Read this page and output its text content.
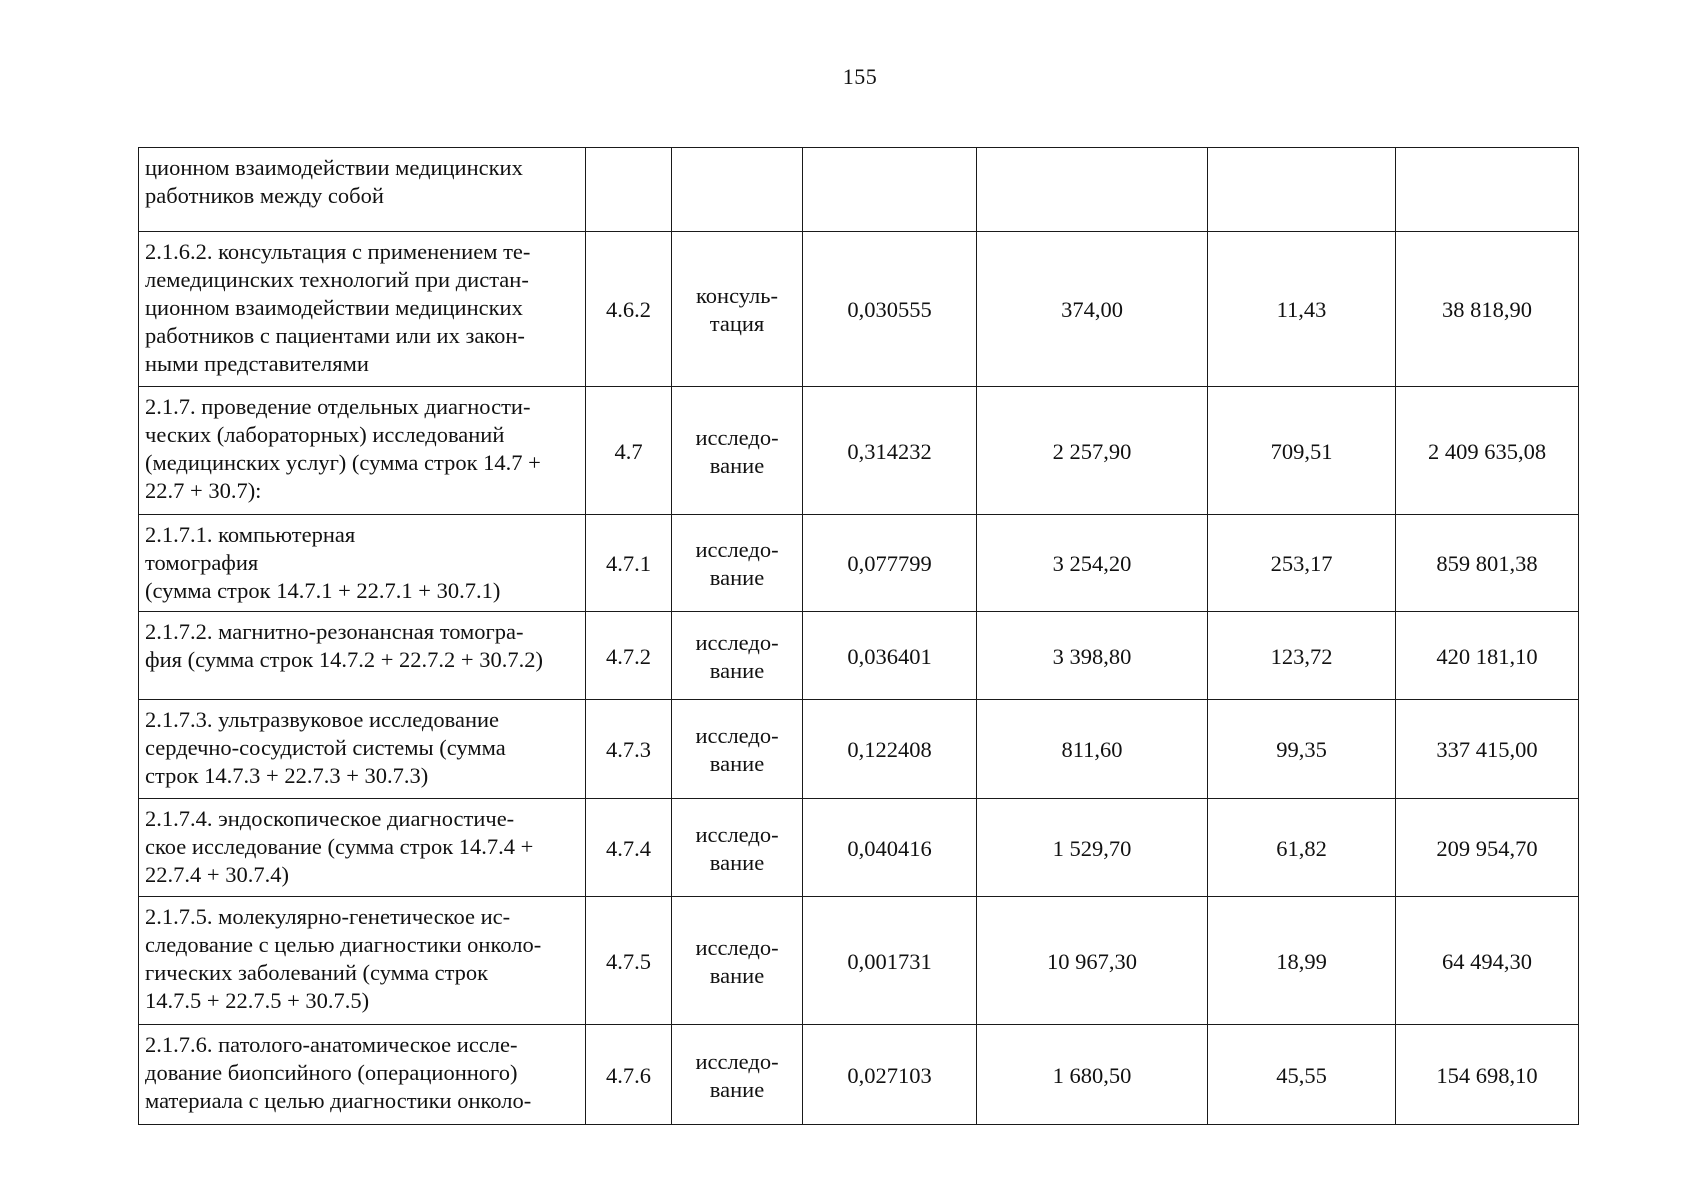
155
ционном взаимодействии медицинских
работников между собой						

2.1.6.2. консультация с применением те-
лемедицинских технологий при дистан-
ционном взаимодействии медицинских
работников с пациентами или их закон-
ными представителями	4.6.2	консуль-
тация	0,030555	374,00	11,43	38 818,90

2.1.7. проведение отдельных диагности-
ческих (лабораторных) исследований
(медицинских услуг) (сумма строк 14.7 +
22.7 + 30.7):	4.7	исследо-
вание	0,314232	2 257,90	709,51	2 409 635,08

2.1.7.1. компьютерная
томография
(сумма строк 14.7.1 + 22.7.1 + 30.7.1)	4.7.1	исследо-
вание	0,077799	3 254,20	253,17	859 801,38

2.1.7.2. магнитно-резонансная томогра-
фия (сумма строк 14.7.2 + 22.7.2 + 30.7.2)	4.7.2	исследо-
вание	0,036401	3 398,80	123,72	420 181,10

2.1.7.3. ультразвуковое исследование
сердечно-сосудистой системы (сумма
строк 14.7.3 + 22.7.3 + 30.7.3)	4.7.3	исследо-
вание	0,122408	811,60	99,35	337 415,00

2.1.7.4. эндоскопическое диагностиче-
ское исследование (сумма строк 14.7.4 +
22.7.4 + 30.7.4)	4.7.4	исследо-
вание	0,040416	1 529,70	61,82	209 954,70

2.1.7.5. молекулярно-генетическое ис-
следование с целью диагностики онколо-
гических заболеваний (сумма строк
14.7.5 + 22.7.5 + 30.7.5)	4.7.5	исследо-
вание	0,001731	10 967,30	18,99	64 494,30

2.1.7.6. патолого-анатомическое иссле-
дование биопсийного (операционного)
материала с целью диагностики онколо-	4.7.6	исследо-
вание	0,027103	1 680,50	45,55	154 698,10
